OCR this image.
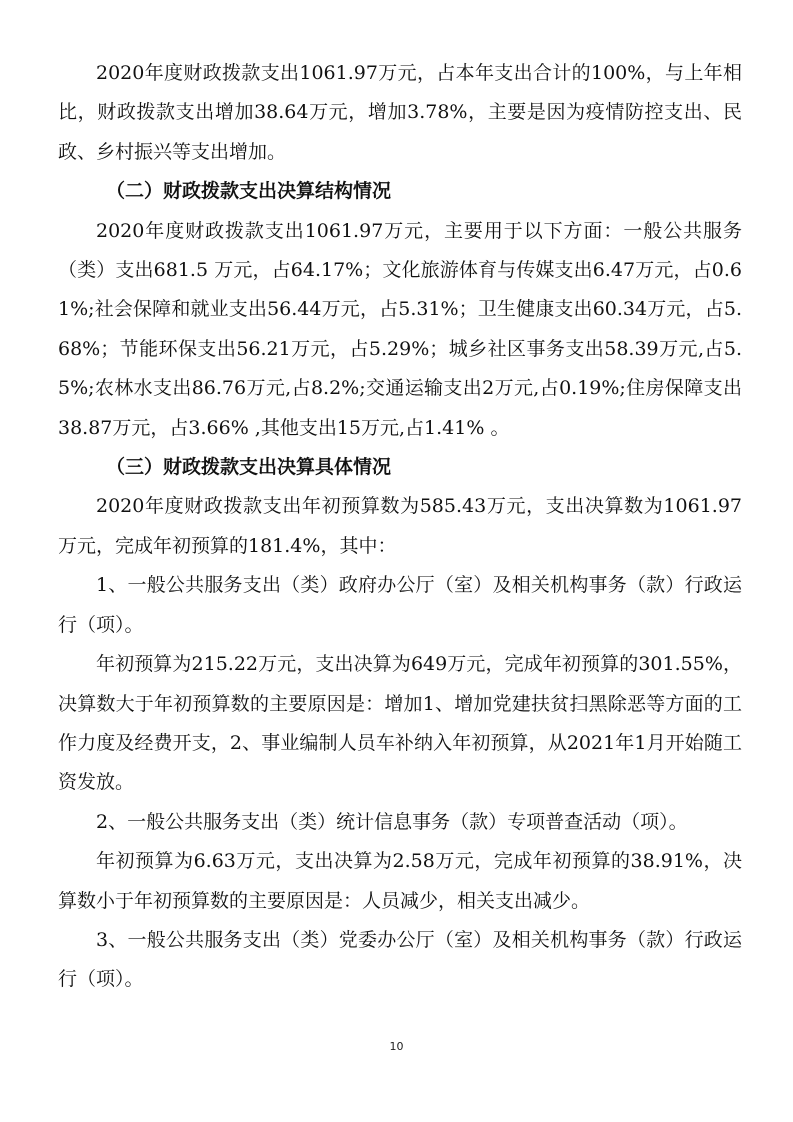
2020年度财政拨款支出1061.97万元，占本年支出合计的100%，与上年相比，财政拨款支出增加38.64万元，增加3.78%，主要是因为疫情防控支出、民政、乡村振兴等支出增加。

（二）财政拨款支出决算结构情况

2020年度财政拨款支出1061.97万元，主要用于以下方面：一般公共服务（类）支出681.5 万元，占64.17%；文化旅游体育与传媒支出6.47万元，占0.61%;社会保障和就业支出56.44万元，占5.31%；卫生健康支出60.34万元，占5.68%；节能环保支出56.21万元，占5.29%；城乡社区事务支出58.39万元,占5.5%;农林水支出86.76万元,占8.2%;交通运输支出2万元,占0.19%;住房保障支出38.87万元，占3.66% ,其他支出15万元,占1.41% 。

（三）财政拨款支出决算具体情况

2020年度财政拨款支出年初预算数为585.43万元，支出决算数为1061.97万元，完成年初预算的181.4%，其中：

1、一般公共服务支出（类）政府办公厅（室）及相关机构事务（款）行政运行（项）。

年初预算为215.22万元，支出决算为649万元，完成年初预算的301.55%，决算数大于年初预算数的主要原因是：增加1、增加党建扶贫扫黑除恶等方面的工作力度及经费开支，2、事业编制人员车补纳入年初预算，从2021年1月开始随工资发放。

2、一般公共服务支出（类）统计信息事务（款）专项普查活动（项）。

年初预算为6.63万元，支出决算为2.58万元，完成年初预算的38.91%，决算数小于年初预算数的主要原因是：人员减少，相关支出减少。

3、一般公共服务支出（类）党委办公厅（室）及相关机构事务（款）行政运行（项）。

10
